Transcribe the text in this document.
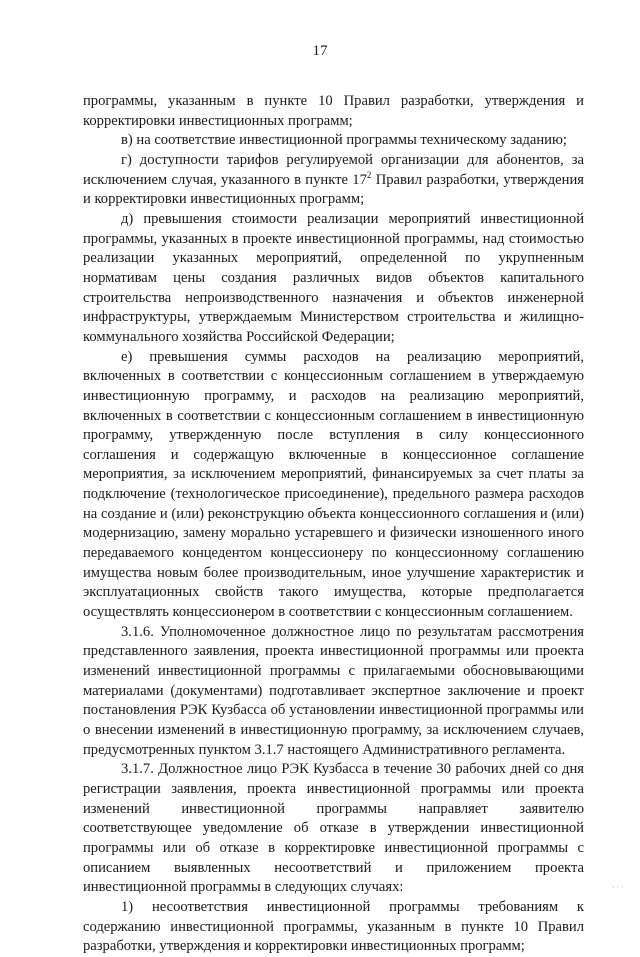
17

программы, указанным в пункте 10 Правил разработки, утверждения и корректировки инвестиционных программ;

в) на соответствие инвестиционной программы техническому заданию;

г) доступности тарифов регулируемой организации для абонентов, за исключением случая, указанного в пункте $17^2$ Правил разработки, утверждения и корректировки инвестиционных программ;

д) превышения стоимости реализации мероприятий инвестиционной программы, указанных в проекте инвестиционной программы, над стоимостью реализации указанных мероприятий, определенной по укрупненным нормативам цены создания различных видов объектов капитального строительства непроизводственного назначения и объектов инженерной инфраструктуры, утверждаемым Министерством строительства и жилищно-коммунального хозяйства Российской Федерации;

е) превышения суммы расходов на реализацию мероприятий, включенных в соответствии с концессионным соглашением в утверждаемую инвестиционную программу, и расходов на реализацию мероприятий, включенных в соответствии с концессионным соглашением в инвестиционную программу, утвержденную после вступления в силу концессионного соглашения и содержащую включенные в концессионное соглашение мероприятия, за исключением мероприятий, финансируемых за счет платы за подключение (технологическое присоединение), предельного размера расходов на создание и (или) реконструкцию объекта концессионного соглашения и (или) модернизацию, замену морально устаревшего и физически изношенного иного передаваемого концедентом концессионеру по концессионному соглашению имущества новым более производительным, иное улучшение характеристик и эксплуатационных свойств такого имущества, которые предполагается осуществлять концессионером в соответствии с концессионным соглашением.

3.1.6. Уполномоченное должностное лицо по результатам рассмотрения представленного заявления, проекта инвестиционной программы или проекта изменений инвестиционной программы с прилагаемыми обосновывающими материалами (документами) подготавливает экспертное заключение и проект постановления РЭК Кузбасса об установлении инвестиционной программы или о внесении изменений в инвестиционную программу, за исключением случаев, предусмотренных пунктом 3.1.7 настоящего Административного регламента.

3.1.7. Должностное лицо РЭК Кузбасса в течение 30 рабочих дней со дня регистрации заявления, проекта инвестиционной программы или проекта изменений инвестиционной программы направляет заявителю соответствующее уведомление об отказе в утверждении инвестиционной программы или об отказе в корректировке инвестиционной программы с описанием выявленных несоответствий и приложением проекта инвестиционной программы в следующих случаях:

1) несоответствия инвестиционной программы требованиям к содержанию инвестиционной программы, указанным в пункте 10 Правил разработки, утверждения и корректировки инвестиционных программ;

···
